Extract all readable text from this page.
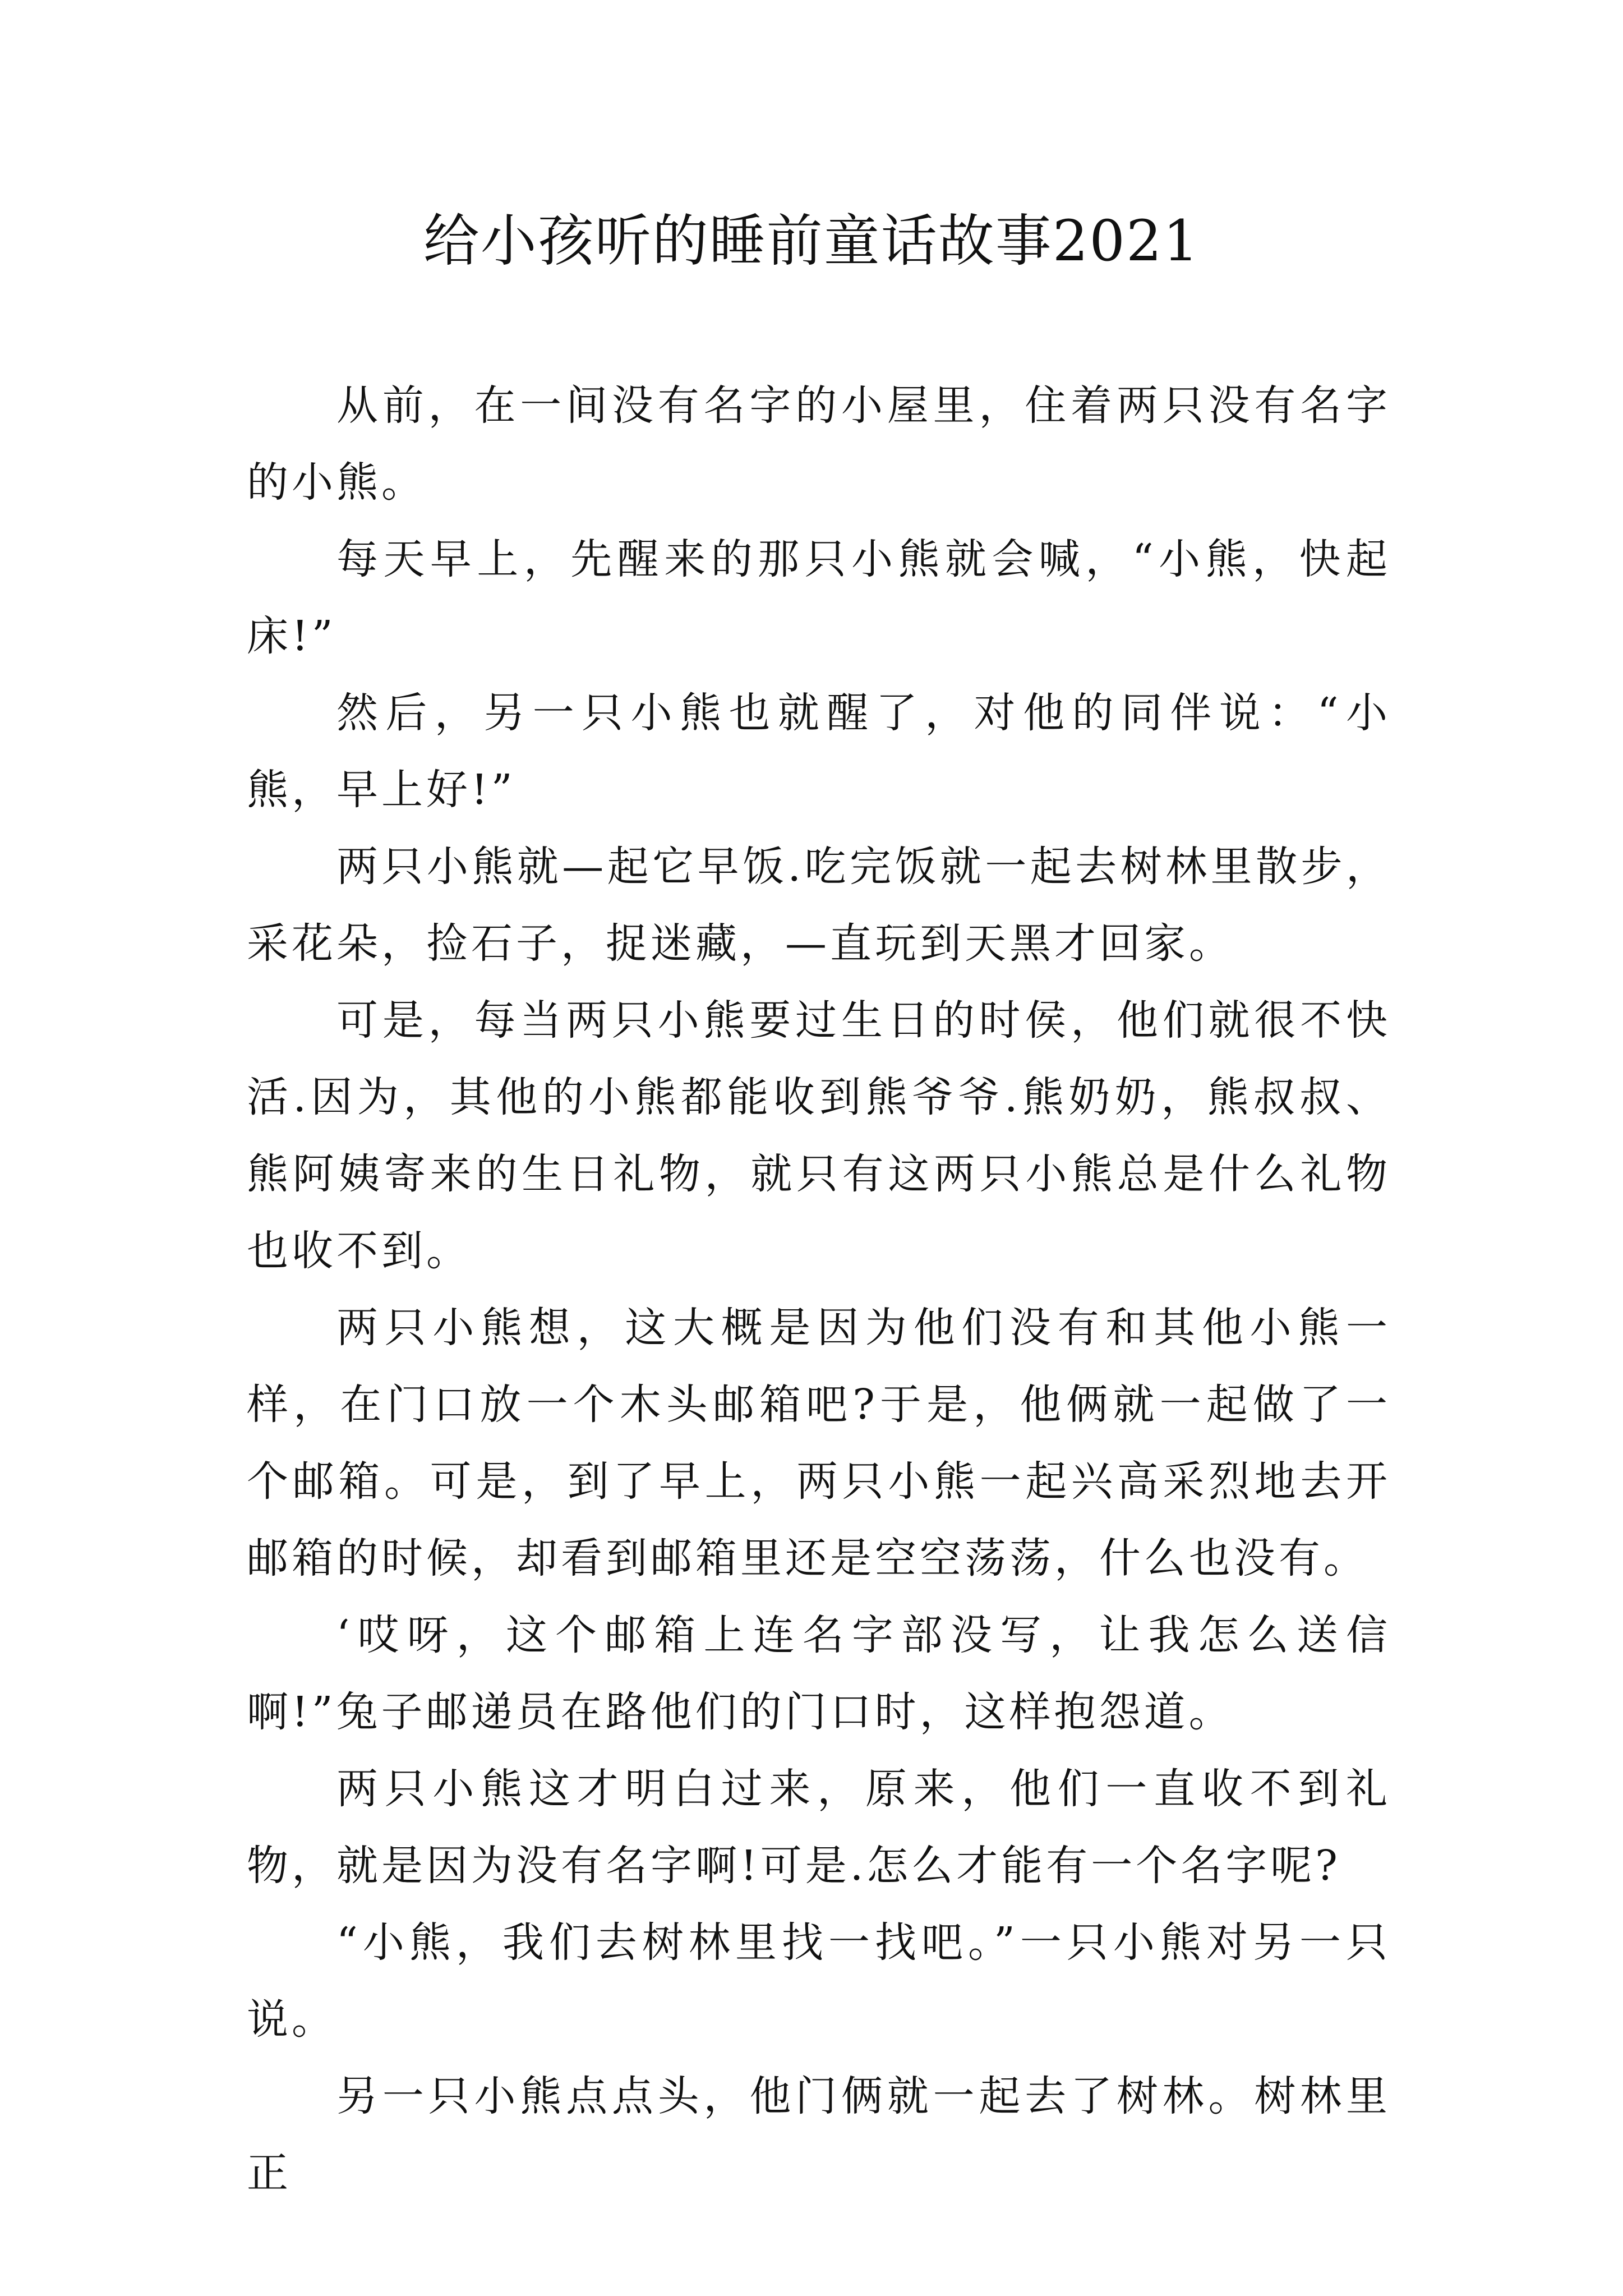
给小孩听的睡前童话故事2021

从前，在一间没有名字的小屋里，住着两只没有名字的小熊。

每天早上，先醒来的那只小熊就会喊，“小熊，快起床!”

然后，另一只小熊也就醒了，对他的同伴说：“小熊，早上好!”

两只小熊就—起它早饭.吃完饭就一起去树林里散步，采花朵，捡石子，捉迷藏，—直玩到天黑才回家。

可是，每当两只小熊要过生日的时侯，他们就很不快活.因为，其他的小熊都能收到熊爷爷.熊奶奶，熊叔叔、熊阿姨寄来的生日礼物，就只有这两只小熊总是什么礼物也收不到。

两只小熊想，这大概是因为他们没有和其他小熊一样，在门口放一个木头邮箱吧?于是，他俩就一起做了一个邮箱。可是，到了早上，两只小熊一起兴高采烈地去开邮箱的时候，却看到邮箱里还是空空荡荡，什么也没有。

‘哎呀，这个邮箱上连名字部没写，让我怎么送信啊!”兔子邮递员在路他们的门口时，这样抱怨道。

两只小熊这才明白过来，原来，他们一直收不到礼物，就是因为没有名字啊!可是.怎么才能有一个名字呢?

“小熊，我们去树林里找一找吧。”一只小熊对另一只说。

另一只小熊点点头，他门俩就一起去了树林。树林里正
